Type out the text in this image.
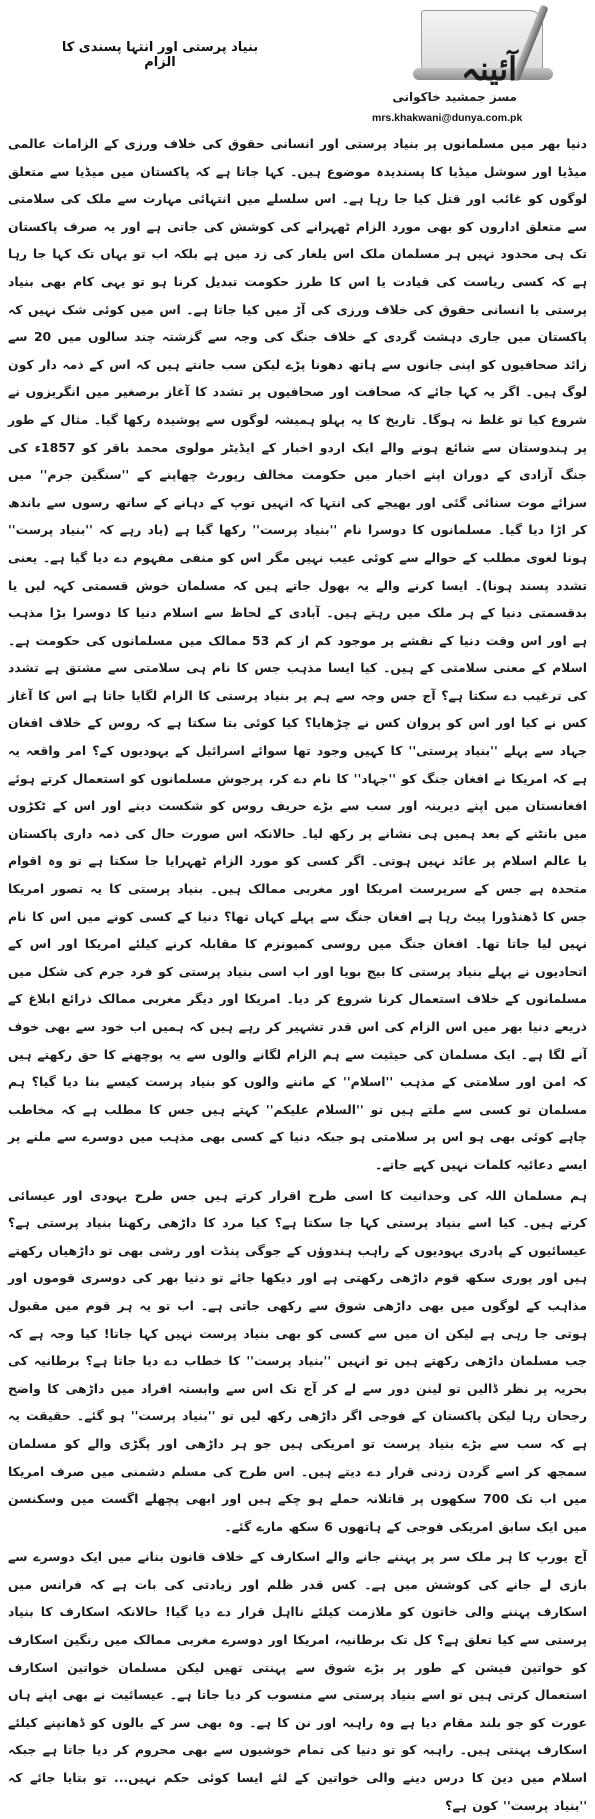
بنیاد پرستی اور انتہا پسندی کا الزام	آئینہ
مسز جمشید خاکوانی
mrs.khakwani@dunya.com.pk

دنیا بھر میں مسلمانوں پر بنیاد پرستی اور انسانی حقوق کی خلاف ورزی کے الزامات عالمی میڈیا اور سوشل میڈیا کا پسندیدہ موضوع ہیں۔ کہا جاتا ہے کہ پاکستان میں میڈیا سے متعلق لوگوں کو غائب اور قتل کیا جا رہا ہے۔ اس سلسلے میں انتہائی مہارت سے ملک کی سلامتی سے متعلق اداروں کو بھی مورد الزام ٹھہرانے کی کوشش کی جاتی ہے اور یہ صرف پاکستان تک ہی محدود نہیں ہر مسلمان ملک اس یلغار کی زد میں ہے بلکہ اب تو یہاں تک کہا جا رہا ہے کہ کسی ریاست کی قیادت یا اس کا طرز حکومت تبدیل کرنا ہو تو یہی کام بھی بنیاد پرستی یا انسانی حقوق کی خلاف ورزی کی آڑ میں کیا جاتا ہے۔ اس میں کوئی شک نہیں کہ پاکستان میں جاری دہشت گردی کے خلاف جنگ کی وجہ سے گزشتہ چند سالوں میں 20 سے زائد صحافیوں کو اپنی جانوں سے ہاتھ دھونا پڑے لیکن سب جانتے ہیں کہ اس کے ذمہ دار کون لوگ ہیں۔ اگر یہ کہا جائے کہ صحافت اور صحافیوں پر تشدد کا آغاز برصغیر میں انگریزوں نے شروع کیا تو غلط نہ ہوگا۔ تاریخ کا یہ پہلو ہمیشہ لوگوں سے پوشیدہ رکھا گیا۔ مثال کے طور پر ہندوستان سے شائع ہونے والے ایک اردو اخبار کے ایڈیٹر مولوی محمد باقر کو 1857ء کی جنگ آزادی کے دوران اپنے اخبار میں حکومت مخالف رپورٹ چھاپنے کے ''سنگین جرم'' میں سزائے موت سنائی گئی اور بھیجے کی انتہا کہ انہیں توپ کے دہانے کے ساتھ رسوں سے باندھ کر اڑا دیا گیا۔ مسلمانوں کا دوسرا نام ''بنیاد پرست'' رکھا گیا ہے (یاد رہے کہ ''بنیاد پرست'' ہونا لغوی مطلب کے حوالے سے کوئی عیب نہیں مگر اس کو منفی مفہوم دے دیا گیا ہے۔ یعنی تشدد پسند ہونا)۔ ایسا کرنے والے یہ بھول جاتے ہیں کہ مسلمان خوش قسمتی کہہ لیں یا بدقسمتی دنیا کے ہر ملک میں رہتے ہیں۔ آبادی کے لحاظ سے اسلام دنیا کا دوسرا بڑا مذہب ہے اور اس وقت دنیا کے نقشے پر موجود کم از کم 53 ممالک میں مسلمانوں کی حکومت ہے۔ اسلام کے معنی سلامتی کے ہیں۔ کیا ایسا مذہب جس کا نام ہی سلامتی سے مشتق ہے تشدد کی ترغیب دے سکتا ہے؟ آج جس وجہ سے ہم پر بنیاد پرستی کا الزام لگایا جاتا ہے اس کا آغاز کس نے کیا اور اس کو پروان کس نے چڑھایا؟ کیا کوئی بتا سکتا ہے کہ روس کے خلاف افغان جہاد سے پہلے ''بنیاد پرستی'' کا کہیں وجود تھا سوائے اسرائیل کے یہودیوں کے؟ امر واقعہ یہ ہے کہ امریکا نے افغان جنگ کو ''جہاد'' کا نام دے کر، پرجوش مسلمانوں کو استعمال کرتے ہوئے افغانستان میں اپنے دیرینہ اور سب سے بڑے حریف روس کو شکست دینے اور اس کے ٹکڑوں میں بانٹنے کے بعد ہمیں ہی نشانے پر رکھ لیا۔ حالانکہ اس صورت حال کی ذمہ داری پاکستان یا عالم اسلام پر عائد نہیں ہوتی۔ اگر کسی کو مورد الزام ٹھہرایا جا سکتا ہے تو وہ اقوام متحدہ ہے جس کے سرپرست امریکا اور مغربی ممالک ہیں۔ بنیاد پرستی کا یہ تصور امریکا جس کا ڈھنڈورا پیٹ رہا ہے افغان جنگ سے پہلے کہاں تھا؟ دنیا کے کسی کونے میں اس کا نام نہیں لیا جاتا تھا۔ افغان جنگ میں روسی کمیونزم کا مقابلہ کرنے کیلئے امریکا اور اس کے اتحادیوں نے پہلے بنیاد پرستی کا بیج بویا اور اب اسی بنیاد پرستی کو فرد جرم کی شکل میں مسلمانوں کے خلاف استعمال کرنا شروع کر دیا۔ امریکا اور دیگر مغربی ممالک ذرائع ابلاغ کے ذریعے دنیا بھر میں اس الزام کی اس قدر تشہیر کر رہے ہیں کہ ہمیں اب خود سے بھی خوف آنے لگا ہے۔ ایک مسلمان کی حیثیت سے ہم الزام لگانے والوں سے یہ پوچھنے کا حق رکھتے ہیں کہ امن اور سلامتی کے مذہب ''اسلام'' کے ماننے والوں کو بنیاد پرست کیسے بنا دیا گیا؟ ہم مسلمان تو کسی سے ملتے ہیں تو ''السلام علیکم'' کہتے ہیں جس کا مطلب ہے کہ مخاطب چاہے کوئی بھی ہو اس پر سلامتی ہو جبکہ دنیا کے کسی بھی مذہب میں دوسرے سے ملنے پر ایسے دعائیہ کلمات نہیں کہے جاتے۔

ہم مسلمان اللہ کی وحدانیت کا اسی طرح اقرار کرتے ہیں جس طرح یہودی اور عیسائی کرتے ہیں۔ کیا اسے بنیاد پرستی کہا جا سکتا ہے؟ کیا مرد کا داڑھی رکھنا بنیاد پرستی ہے؟ عیسائیوں کے پادری یہودیوں کے راہب ہندوؤں کے جوگی پنڈت اور رشی بھی تو داڑھیاں رکھتے ہیں اور پوری سکھ قوم داڑھی رکھتی ہے اور دیکھا جائے تو دنیا بھر کی دوسری قوموں اور مذاہب کے لوگوں میں بھی داڑھی شوق سے رکھی جاتی ہے۔ اب تو یہ ہر قوم میں مقبول ہوتی جا رہی ہے لیکن ان میں سے کسی کو بھی بنیاد پرست نہیں کہا جاتا! کیا وجہ ہے کہ جب مسلمان داڑھی رکھتے ہیں تو انہیں ''بنیاد پرست'' کا خطاب دے دیا جاتا ہے؟ برطانیہ کی بحریہ پر نظر ڈالیں تو لینن دور سے لے کر آج تک اس سے وابستہ افراد میں داڑھی کا واضح رجحان رہا لیکن پاکستان کے فوجی اگر داڑھی رکھ لیں تو ''بنیاد پرست'' ہو گئے۔ حقیقت یہ ہے کہ سب سے بڑے بنیاد پرست تو امریکی ہیں جو ہر داڑھی اور پگڑی والے کو مسلمان سمجھ کر اسے گردن زدنی قرار دے دیتے ہیں۔ اس طرح کی مسلم دشمنی میں صرف امریکا میں اب تک 700 سکھوں پر قاتلانہ حملے ہو چکے ہیں اور ابھی پچھلے اگست میں وسکنسن میں ایک سابق امریکی فوجی کے ہاتھوں 6 سکھ مارے گئے۔

آج یورپ کا ہر ملک سر پر پہننے جانے والے اسکارف کے خلاف قانون بنانے میں ایک دوسرے سے بازی لے جانے کی کوشش میں ہے۔ کس قدر ظلم اور زیادتی کی بات ہے کہ فرانس میں اسکارف پہننے والی خاتون کو ملازمت کیلئے نااہل قرار دے دیا گیا! حالانکہ اسکارف کا بنیاد پرستی سے کیا تعلق ہے؟ کل تک برطانیہ، امریکا اور دوسرے مغربی ممالک میں رنگین اسکارف کو خواتین فیشن کے طور پر بڑے شوق سے پہنتی تھیں لیکن مسلمان خواتین اسکارف استعمال کرتی ہیں تو اسے بنیاد پرستی سے منسوب کر دیا جاتا ہے۔ عیسائیت نے بھی اپنے ہاں عورت کو جو بلند مقام دیا ہے وہ راہبہ اور نن کا ہے۔ وہ بھی سر کے بالوں کو ڈھانپنے کیلئے اسکارف پہنتی ہیں۔ راہبہ کو تو دنیا کی تمام خوشیوں سے بھی محروم کر دیا جاتا ہے جبکہ اسلام میں دین کا درس دینے والی خواتین کے لئے ایسا کوئی حکم نہیں... تو بتایا جائے کہ ''بنیاد پرست'' کون ہے؟
